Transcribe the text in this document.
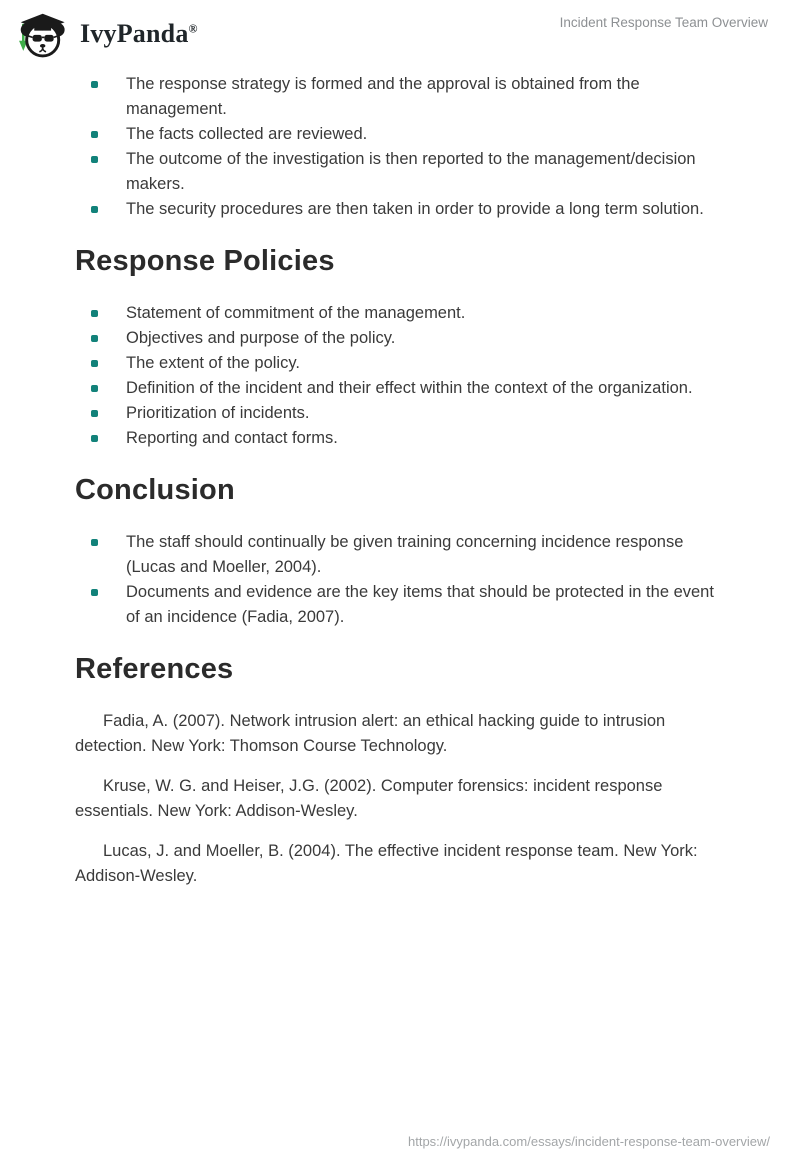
IvyPanda®	Incident Response Team Overview
The response strategy is formed and the approval is obtained from the management.
The facts collected are reviewed.
The outcome of the investigation is then reported to the management/decision makers.
The security procedures are then taken in order to provide a long term solution.
Response Policies
Statement of commitment of the management.
Objectives and purpose of the policy.
The extent of the policy.
Definition of the incident and their effect within the context of the organization.
Prioritization of incidents.
Reporting and contact forms.
Conclusion
The staff should continually be given training concerning incidence response (Lucas and Moeller, 2004).
Documents and evidence are the key items that should be protected in the event of an incidence (Fadia, 2007).
References

Fadia, A. (2007). Network intrusion alert: an ethical hacking guide to intrusion detection. New York: Thomson Course Technology.

Kruse, W. G. and Heiser, J.G. (2002). Computer forensics: incident response essentials. New York: Addison-Wesley.

Lucas, J. and Moeller, B. (2004). The effective incident response team. New York: Addison-Wesley.

https://ivypanda.com/essays/incident-response-team-overview/
